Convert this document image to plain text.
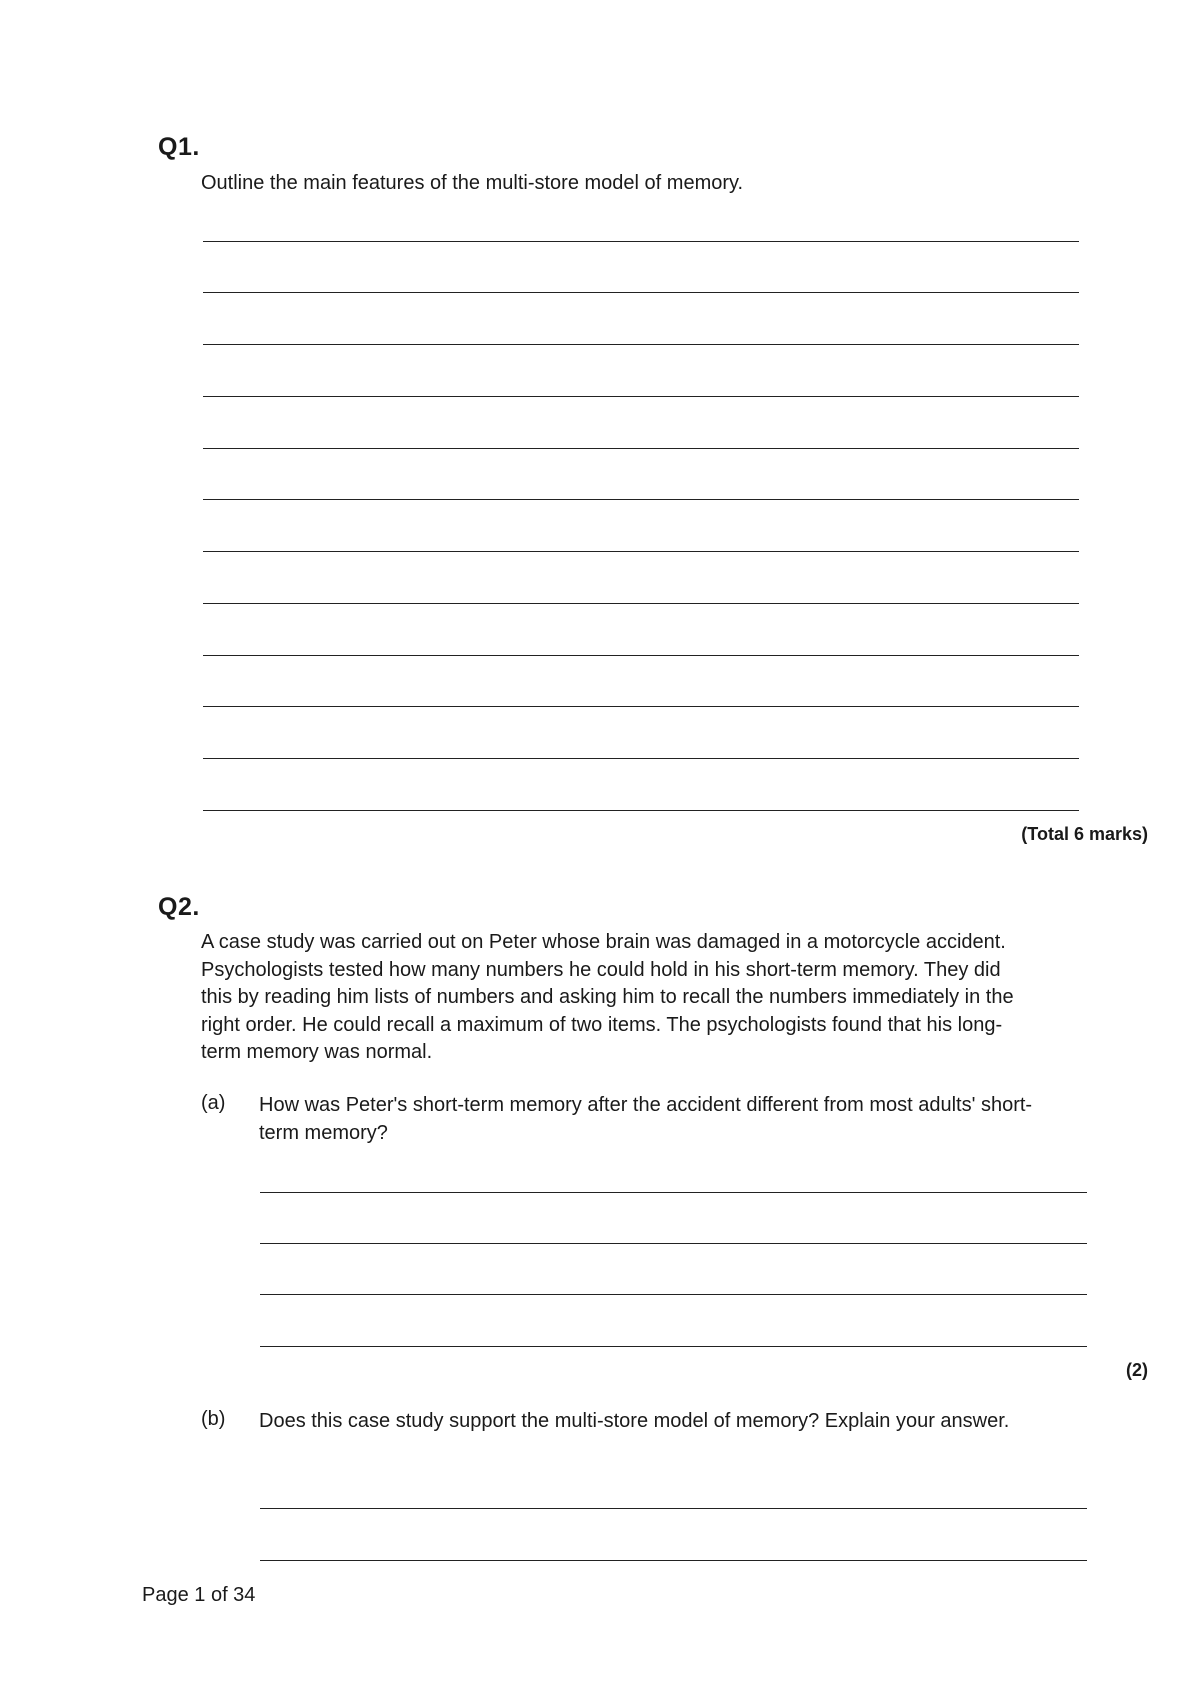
Q1.

Outline the main features of the multi-store model of memory.

(Total 6 marks)
Q2.

A case study was carried out on Peter whose brain was damaged in a motorcycle accident. Psychologists tested how many numbers he could hold in his short-term memory. They did this by reading him lists of numbers and asking him to recall the numbers immediately in the right order. He could recall a maximum of two items. The psychologists found that his long-term memory was normal.

(a) How was Peter's short-term memory after the accident different from most adults' short-term memory?

(2)
(b) Does this case study support the multi-store model of memory? Explain your answer.

Page 1 of 34
